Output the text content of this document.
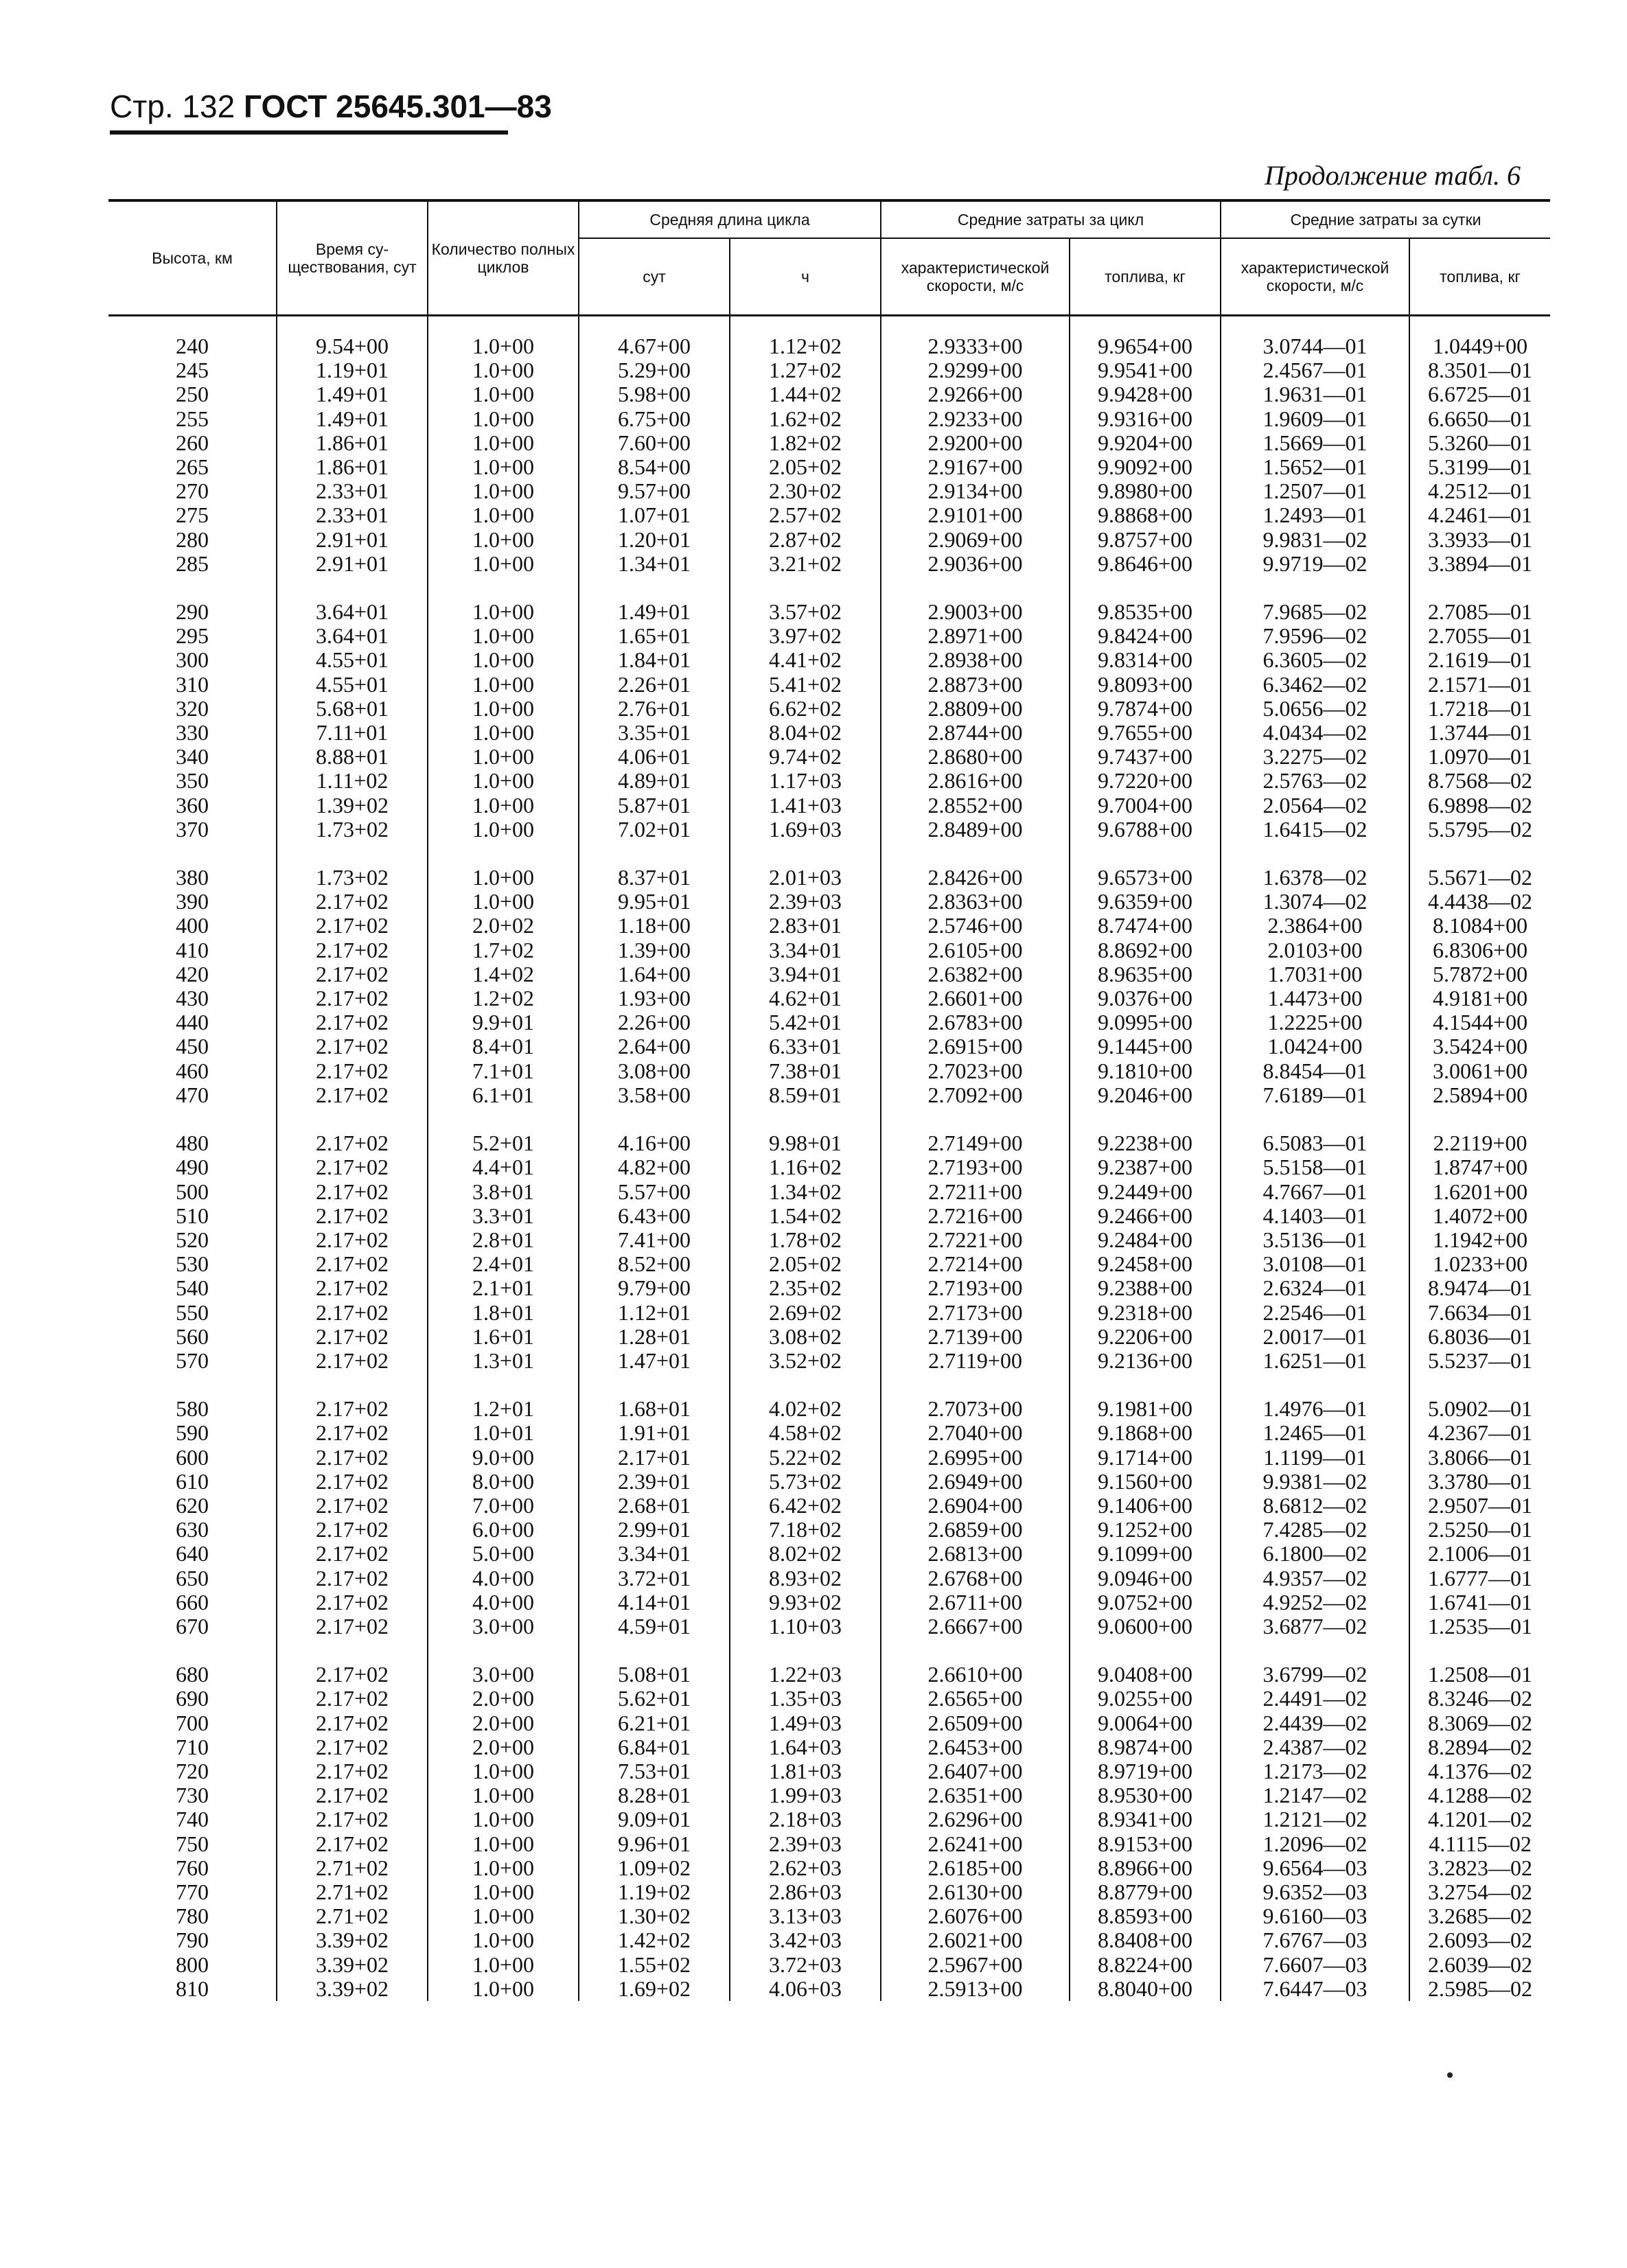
Стр. 132 ГОСТ 25645.301—83
Продолжение табл. 6
Высота, км	Время существования, сут	Количество полных циклов	Средняя длина цикла		Средние затраты за цикл		Средние затраты за сутки	
			сут	ч	характеристической скорости, м/с	топлива, кг	характеристической скорости, м/с	топлива, кг

240	9.54+00	1.0+00	4.67+00	1.12+02	2.9333+00	9.9654+00	3.0744—01	1.0449+00
245	1.19+01	1.0+00	5.29+00	1.27+02	2.9299+00	9.9541+00	2.4567—01	8.3501—01
250	1.49+01	1.0+00	5.98+00	1.44+02	2.9266+00	9.9428+00	1.9631—01	6.6725—01
255	1.49+01	1.0+00	6.75+00	1.62+02	2.9233+00	9.9316+00	1.9609—01	6.6650—01
260	1.86+01	1.0+00	7.60+00	1.82+02	2.9200+00	9.9204+00	1.5669—01	5.3260—01
265	1.86+01	1.0+00	8.54+00	2.05+02	2.9167+00	9.9092+00	1.5652—01	5.3199—01
270	2.33+01	1.0+00	9.57+00	2.30+02	2.9134+00	9.8980+00	1.2507—01	4.2512—01
275	2.33+01	1.0+00	1.07+01	2.57+02	2.9101+00	9.8868+00	1.2493—01	4.2461—01
280	2.91+01	1.0+00	1.20+01	2.87+02	2.9069+00	9.8757+00	9.9831—02	3.3933—01
285	2.91+01	1.0+00	1.34+01	3.21+02	2.9036+00	9.8646+00	9.9719—02	3.3894—01

290	3.64+01	1.0+00	1.49+01	3.57+02	2.9003+00	9.8535+00	7.9685—02	2.7085—01
295	3.64+01	1.0+00	1.65+01	3.97+02	2.8971+00	9.8424+00	7.9596—02	2.7055—01
300	4.55+01	1.0+00	1.84+01	4.41+02	2.8938+00	9.8314+00	6.3605—02	2.1619—01
310	4.55+01	1.0+00	2.26+01	5.41+02	2.8873+00	9.8093+00	6.3462—02	2.1571—01
320	5.68+01	1.0+00	2.76+01	6.62+02	2.8809+00	9.7874+00	5.0656—02	1.7218—01
330	7.11+01	1.0+00	3.35+01	8.04+02	2.8744+00	9.7655+00	4.0434—02	1.3744—01
340	8.88+01	1.0+00	4.06+01	9.74+02	2.8680+00	9.7437+00	3.2275—02	1.0970—01
350	1.11+02	1.0+00	4.89+01	1.17+03	2.8616+00	9.7220+00	2.5763—02	8.7568—02
360	1.39+02	1.0+00	5.87+01	1.41+03	2.8552+00	9.7004+00	2.0564—02	6.9898—02
370	1.73+02	1.0+00	7.02+01	1.69+03	2.8489+00	9.6788+00	1.6415—02	5.5795—02

380	1.73+02	1.0+00	8.37+01	2.01+03	2.8426+00	9.6573+00	1.6378—02	5.5671—02
390	2.17+02	1.0+00	9.95+01	2.39+03	2.8363+00	9.6359+00	1.3074—02	4.4438—02
400	2.17+02	2.0+02	1.18+00	2.83+01	2.5746+00	8.7474+00	2.3864+00	8.1084+00
410	2.17+02	1.7+02	1.39+00	3.34+01	2.6105+00	8.8692+00	2.0103+00	6.8306+00
420	2.17+02	1.4+02	1.64+00	3.94+01	2.6382+00	8.9635+00	1.7031+00	5.7872+00
430	2.17+02	1.2+02	1.93+00	4.62+01	2.6601+00	9.0376+00	1.4473+00	4.9181+00
440	2.17+02	9.9+01	2.26+00	5.42+01	2.6783+00	9.0995+00	1.2225+00	4.1544+00
450	2.17+02	8.4+01	2.64+00	6.33+01	2.6915+00	9.1445+00	1.0424+00	3.5424+00
460	2.17+02	7.1+01	3.08+00	7.38+01	2.7023+00	9.1810+00	8.8454—01	3.0061+00
470	2.17+02	6.1+01	3.58+00	8.59+01	2.7092+00	9.2046+00	7.6189—01	2.5894+00

480	2.17+02	5.2+01	4.16+00	9.98+01	2.7149+00	9.2238+00	6.5083—01	2.2119+00
490	2.17+02	4.4+01	4.82+00	1.16+02	2.7193+00	9.2387+00	5.5158—01	1.8747+00
500	2.17+02	3.8+01	5.57+00	1.34+02	2.7211+00	9.2449+00	4.7667—01	1.6201+00
510	2.17+02	3.3+01	6.43+00	1.54+02	2.7216+00	9.2466+00	4.1403—01	1.4072+00
520	2.17+02	2.8+01	7.41+00	1.78+02	2.7221+00	9.2484+00	3.5136—01	1.1942+00
530	2.17+02	2.4+01	8.52+00	2.05+02	2.7214+00	9.2458+00	3.0108—01	1.0233+00
540	2.17+02	2.1+01	9.79+00	2.35+02	2.7193+00	9.2388+00	2.6324—01	8.9474—01
550	2.17+02	1.8+01	1.12+01	2.69+02	2.7173+00	9.2318+00	2.2546—01	7.6634—01
560	2.17+02	1.6+01	1.28+01	3.08+02	2.7139+00	9.2206+00	2.0017—01	6.8036—01
570	2.17+02	1.3+01	1.47+01	3.52+02	2.7119+00	9.2136+00	1.6251—01	5.5237—01

580	2.17+02	1.2+01	1.68+01	4.02+02	2.7073+00	9.1981+00	1.4976—01	5.0902—01
590	2.17+02	1.0+01	1.91+01	4.58+02	2.7040+00	9.1868+00	1.2465—01	4.2367—01
600	2.17+02	9.0+00	2.17+01	5.22+02	2.6995+00	9.1714+00	1.1199—01	3.8066—01
610	2.17+02	8.0+00	2.39+01	5.73+02	2.6949+00	9.1560+00	9.9381—02	3.3780—01
620	2.17+02	7.0+00	2.68+01	6.42+02	2.6904+00	9.1406+00	8.6812—02	2.9507—01
630	2.17+02	6.0+00	2.99+01	7.18+02	2.6859+00	9.1252+00	7.4285—02	2.5250—01
640	2.17+02	5.0+00	3.34+01	8.02+02	2.6813+00	9.1099+00	6.1800—02	2.1006—01
650	2.17+02	4.0+00	3.72+01	8.93+02	2.6768+00	9.0946+00	4.9357—02	1.6777—01
660	2.17+02	4.0+00	4.14+01	9.93+02	2.6711+00	9.0752+00	4.9252—02	1.6741—01
670	2.17+02	3.0+00	4.59+01	1.10+03	2.6667+00	9.0600+00	3.6877—02	1.2535—01

680	2.17+02	3.0+00	5.08+01	1.22+03	2.6610+00	9.0408+00	3.6799—02	1.2508—01
690	2.17+02	2.0+00	5.62+01	1.35+03	2.6565+00	9.0255+00	2.4491—02	8.3246—02
700	2.17+02	2.0+00	6.21+01	1.49+03	2.6509+00	9.0064+00	2.4439—02	8.3069—02
710	2.17+02	2.0+00	6.84+01	1.64+03	2.6453+00	8.9874+00	2.4387—02	8.2894—02
720	2.17+02	1.0+00	7.53+01	1.81+03	2.6407+00	8.9719+00	1.2173—02	4.1376—02
730	2.17+02	1.0+00	8.28+01	1.99+03	2.6351+00	8.9530+00	1.2147—02	4.1288—02
740	2.17+02	1.0+00	9.09+01	2.18+03	2.6296+00	8.9341+00	1.2121—02	4.1201—02
750	2.17+02	1.0+00	9.96+01	2.39+03	2.6241+00	8.9153+00	1.2096—02	4.1115—02
760	2.71+02	1.0+00	1.09+02	2.62+03	2.6185+00	8.8966+00	9.6564—03	3.2823—02
770	2.71+02	1.0+00	1.19+02	2.86+03	2.6130+00	8.8779+00	9.6352—03	3.2754—02
780	2.71+02	1.0+00	1.30+02	3.13+03	2.6076+00	8.8593+00	9.6160—03	3.2685—02
790	3.39+02	1.0+00	1.42+02	3.42+03	2.6021+00	8.8408+00	7.6767—03	2.6093—02
800	3.39+02	1.0+00	1.55+02	3.72+03	2.5967+00	8.8224+00	7.6607—03	2.6039—02
810	3.39+02	1.0+00	1.69+02	4.06+03	2.5913+00	8.8040+00	7.6447—03	2.5985—02
